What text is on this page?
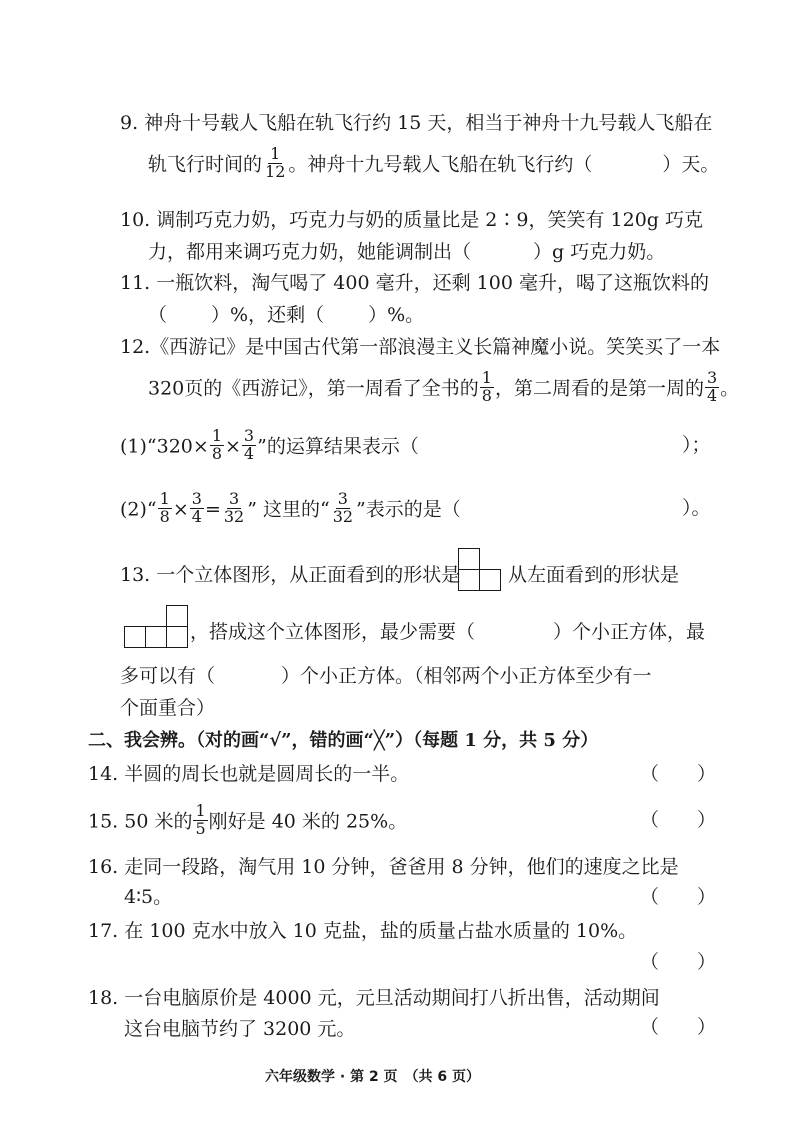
9. 神舟十号载人飞船在轨飞行约 15 天，相当于神舟十九号载人飞船在
轨飞行时间的 $\frac{1}{12}$ 。神舟十九号载人飞船在轨飞行约（	）天。
10. 调制巧克力奶，巧克力与奶的质量比是 2∶9，笑笑有 120g 巧克
力，都用来调巧克力奶，她能调制出（	）g 巧克力奶。
11. 一瓶饮料，淘气喝了 400 毫升，还剩 100 毫升，喝了这瓶饮料的
（ ）%，还剩（ ）%。
12.《西游记》是中国古代第一部浪漫主义长篇神魔小说。笑笑买了一本
320页的《西游记》，第一周看了全书的 $\frac{1}{8}$ ，第二周看的是第一周的 $\frac{3}{4}$ 。
(1)“320× $\frac{1}{8} \times \frac{3}{4}$ ”的运算结果表示（	）；
(2)“ $\frac{1}{8} \times \frac{3}{4} = \frac{3}{32}$ ” 这里的“ $\frac{3}{32}$ ”表示的是（	）。
13. 一个立体图形，从正面看到的形状是	从左面看到的形状是
，搭成这个立体图形，最少需要（	）个小正方体，最
多可以有（	）个小正方体。（相邻两个小正方体至少有一
个面重合）
二、我会辨。（对的画“√”，错的画“╳”）（每题 1 分，共 5 分）
14. 半圆的周长也就是圆周长的一半。	（　　）
15. 50 米的 $\frac{1}{5}$ 刚好是 40 米的 25%。	（　　）
16. 走同一段路，淘气用 10 分钟，爸爸用 8 分钟，他们的速度之比是
4∶5。	（　　）
17. 在 100 克水中放入 10 克盐，盐的质量占盐水质量的 10%。
（　　）
18. 一台电脑原价是 4000 元，元旦活动期间打八折出售，活动期间
这台电脑节约了 3200 元。	（　　）
六年级数学 · 第 2 页　（共 6 页）
